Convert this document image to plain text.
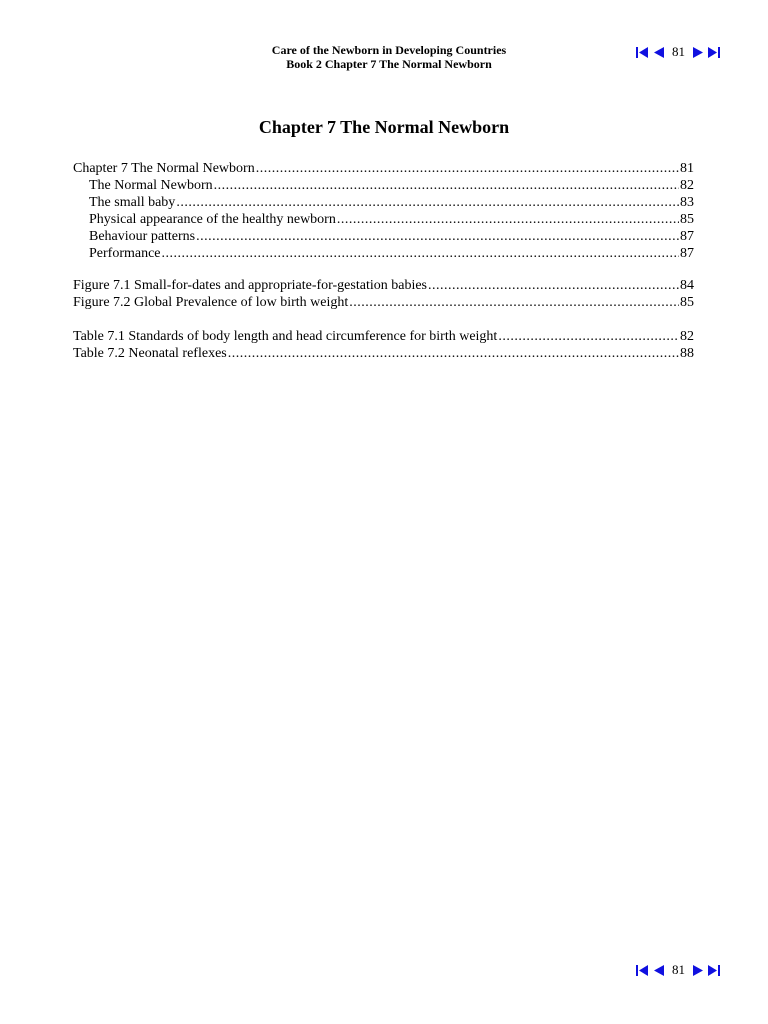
Care of the Newborn in Developing Countries
Book 2 Chapter 7 The Normal Newborn
81
Chapter 7 The Normal Newborn
Chapter 7 The Normal Newborn .....	81
The Normal Newborn .....	82
The small baby .....	83
Physical appearance of the healthy newborn .....	85
Behaviour patterns .....	87
Performance .....	87
Figure 7.1 Small-for-dates and appropriate-for-gestation babies .....	84
Figure 7.2 Global Prevalence of low birth weight .....	85
Table 7.1 Standards of body length and head circumference for birth weight .....	82
Table 7.2 Neonatal reflexes .....	88
81
